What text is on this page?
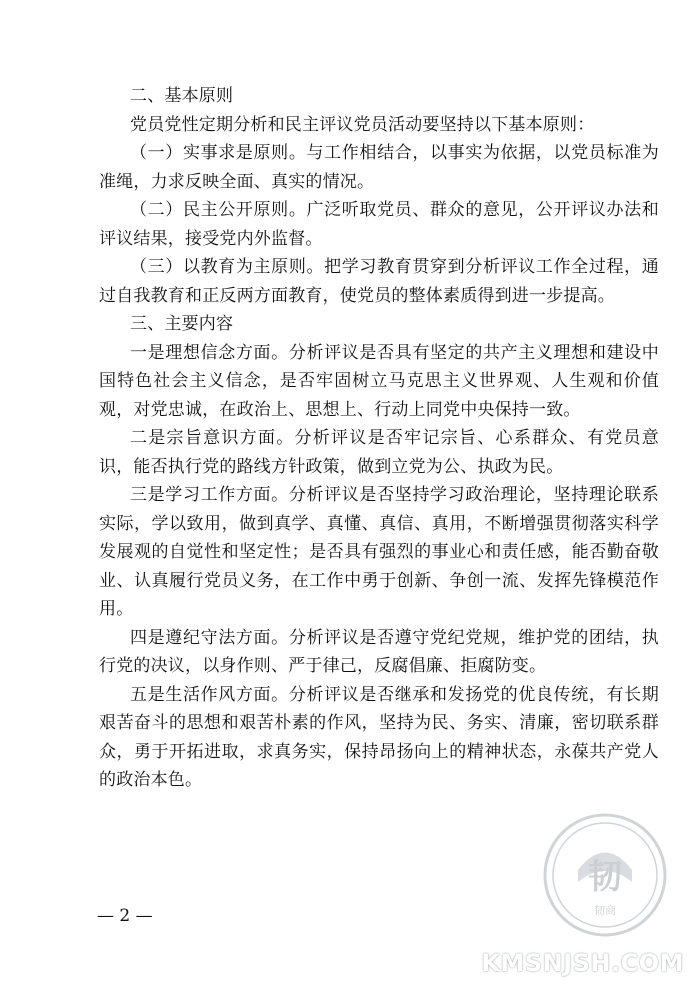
二、基本原则

党员党性定期分析和民主评议党员活动要坚持以下基本原则：

（一）实事求是原则。与工作相结合，以事实为依据，以党员标准为准绳，力求反映全面、真实的情况。

（二）民主公开原则。广泛听取党员、群众的意见，公开评议办法和评议结果，接受党内外监督。

（三）以教育为主原则。把学习教育贯穿到分析评议工作全过程，通过自我教育和正反两方面教育，使党员的整体素质得到进一步提高。

三、主要内容

一是理想信念方面。分析评议是否具有坚定的共产主义理想和建设中国特色社会主义信念，是否牢固树立马克思主义世界观、人生观和价值观，对党忠诚，在政治上、思想上、行动上同党中央保持一致。

二是宗旨意识方面。分析评议是否牢记宗旨、心系群众、有党员意识，能否执行党的路线方针政策，做到立党为公、执政为民。

三是学习工作方面。分析评议是否坚持学习政治理论，坚持理论联系实际，学以致用，做到真学、真懂、真信、真用，不断增强贯彻落实科学发展观的自觉性和坚定性；是否具有强烈的事业心和责任感，能否勤奋敬业、认真履行党员义务，在工作中勇于创新、争创一流、发挥先锋模范作用。

四是遵纪守法方面。分析评议是否遵守党纪党规，维护党的团结，执行党的决议，以身作则、严于律己，反腐倡廉、拒腐防变。

五是生活作风方面。分析评议是否继承和发扬党的优良传统，有长期艰苦奋斗的思想和艰苦朴素的作风，坚持为民、务实、清廉，密切联系群众，勇于开拓进取，求真务实，保持昂扬向上的精神状态，永葆共产党人的政治本色。

— 2 —
韧
韧商
KMSNJSH.COM
